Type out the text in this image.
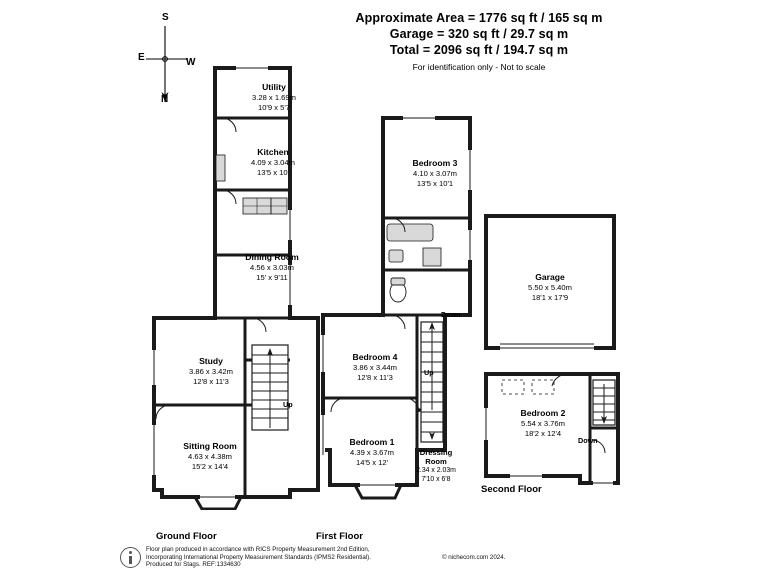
Approximate Area = 1776 sq ft / 165 sq m
Garage = 320 sq ft / 29.7 sq m
Total = 2096 sq ft / 194.7 sq m
For identification only - Not to scale
S
W
N
E
Utility
3.28 x 1.69m
10'9 x 5'7
Kitchen
4.09 x 3.04m
13'5 x 10'
Dining Room
4.56 x 3.03m
15' x 9'11
Study
3.86 x 3.42m
12'8 x 11'3
Sitting Room
4.63 x 4.38m
15'2 x 14'4
Up
Ground Floor
Bedroom 3
4.10 x 3.07m
13'5 x 10'1
Bedroom 4
3.86 x 3.44m
12'8 x 11'3
Bedroom 1
4.39 x 3.67m
14'5 x 12'
Dressing
Room
2.34 x 2.03m
7'10 x 6'8
Down
Up
First Floor
Garage
5.50 x 5.40m
18'1 x 17'9
Bedroom 2
5.54 x 3.76m
18'2 x 12'4
Down
Second Floor
Floor plan produced in accordance with RICS Property Measurement 2nd Edition,
Incorporating International Property Measurement Standards (IPMS2 Residential).	© nichecom.com 2024.
Produced for Stags. REF:1334630
